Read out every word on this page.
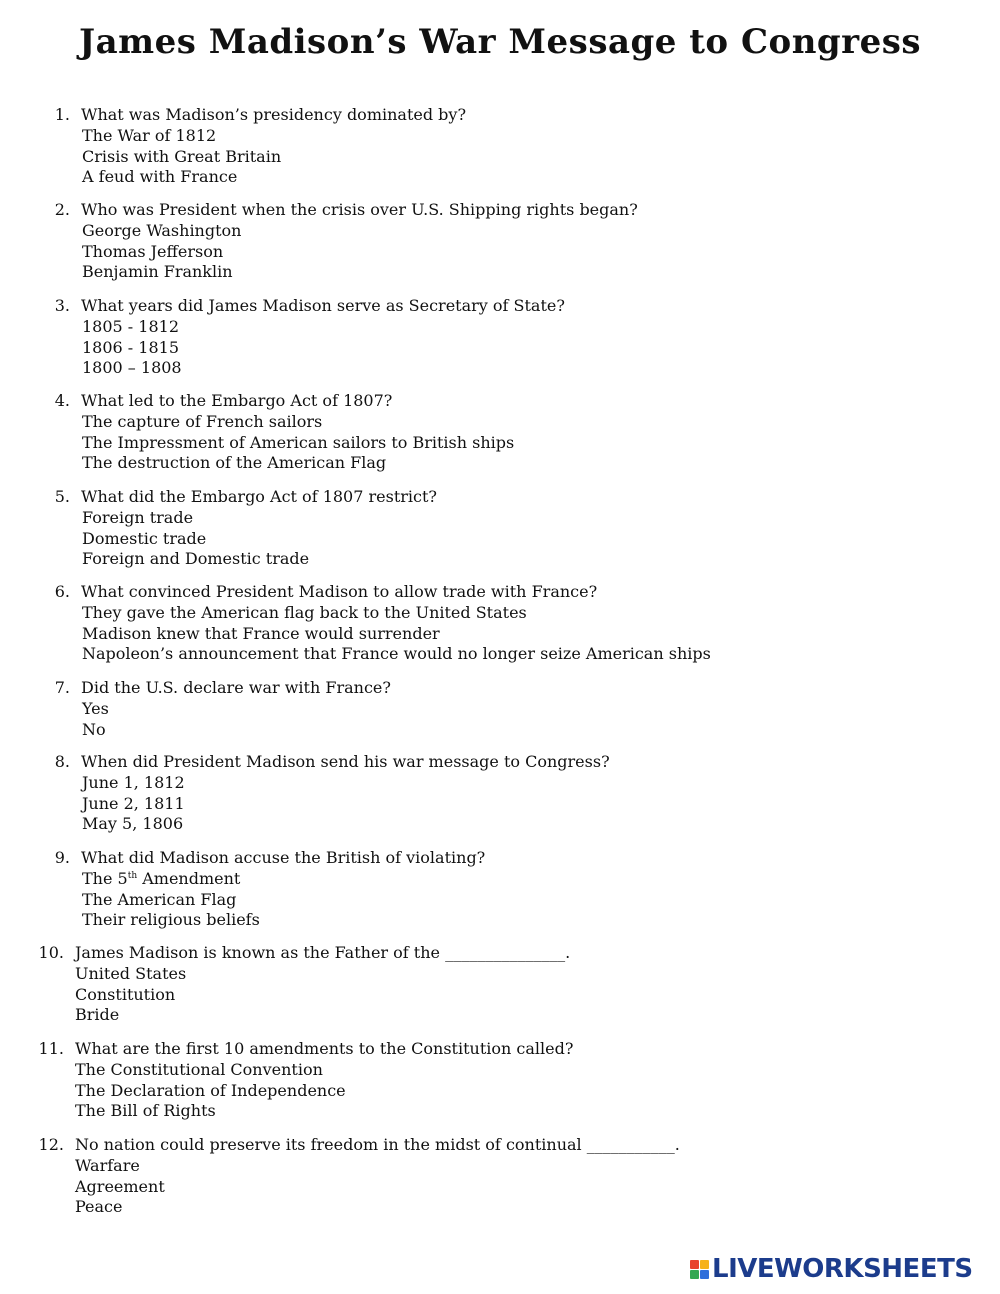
James Madison’s War Message to Congress
1. What was Madison’s presidency dominated by?
The War of 1812
Crisis with Great Britain
A feud with France
2. Who was President when the crisis over U.S. Shipping rights began?
George Washington
Thomas Jefferson
Benjamin Franklin
3. What years did James Madison serve as Secretary of State?
1805 - 1812
1806 - 1815
1800 – 1808
4. What led to the Embargo Act of 1807?
The capture of French sailors
The Impressment of American sailors to British ships
The destruction of the American Flag
5. What did the Embargo Act of 1807 restrict?
Foreign trade
Domestic trade
Foreign and Domestic trade
6. What convinced President Madison to allow trade with France?
They gave the American flag back to the United States
Madison knew that France would surrender
Napoleon’s announcement that France would no longer seize American ships
7. Did the U.S. declare war with France?
Yes
No
8. When did President Madison send his war message to Congress?
June 1, 1812
June 2, 1811
May 5, 1806
9. What did Madison accuse the British of violating?
The 5th Amendment
The American Flag
Their religious beliefs
10. James Madison is known as the Father of the _______________.
United States
Constitution
Bride
11. What are the first 10 amendments to the Constitution called?
The Constitutional Convention
The Declaration of Independence
The Bill of Rights
12. No nation could preserve its freedom in the midst of continual ___________.
Warfare
Agreement
Peace
LIVEWORKSHEETS
